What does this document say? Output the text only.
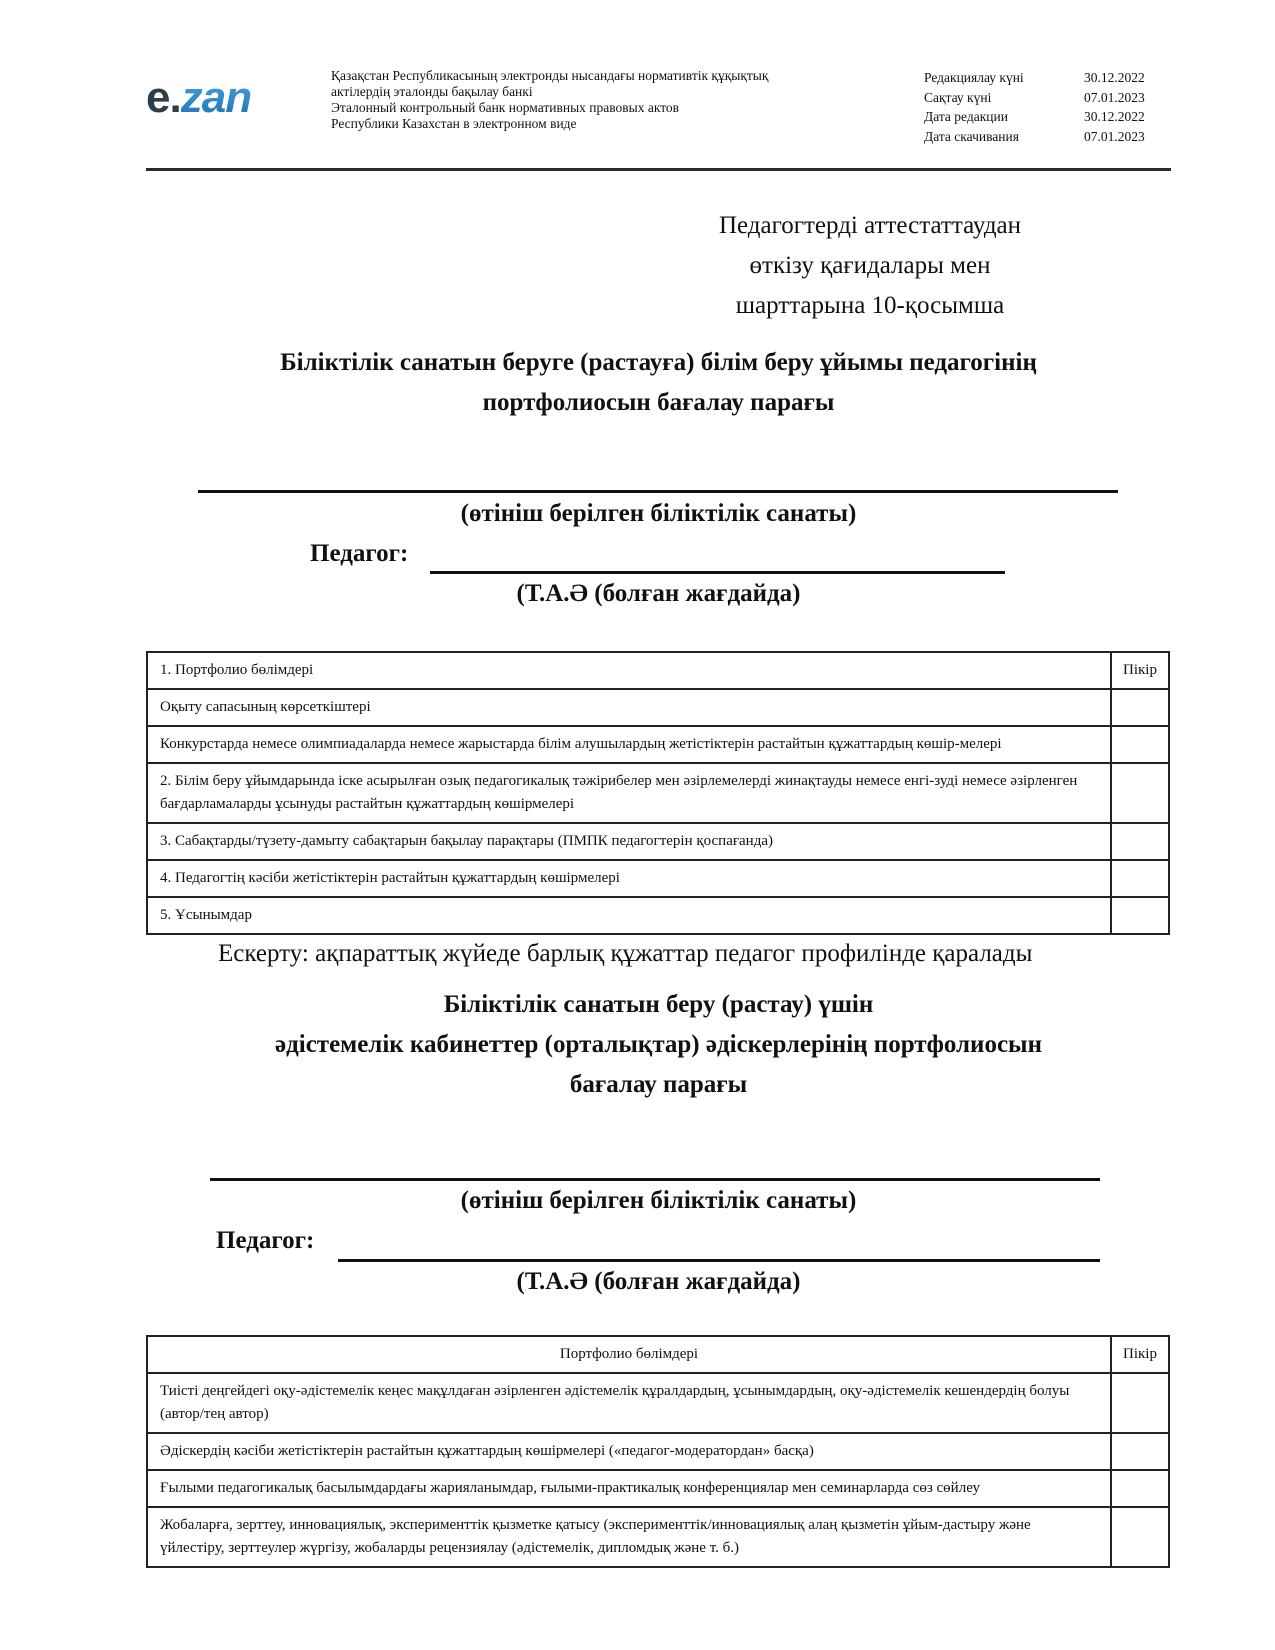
e.zan	Қазақстан Республикасының электронды нысандағы нормативтік құқықтық
актілердің эталонды бақылау банкі
Эталонный контрольный банк нормативных правовых актов
Республики Казахстан в электронном виде
Редакциялау күні	30.12.2022
Сақтау күні	07.01.2023
Дата редакции	30.12.2022
Дата скачивания	07.01.2023
Педагогтерді аттестаттаудан
өткізу қағидалары мен
шарттарына 10-қосымша
Біліктілік санатын беруге (растауға) білім беру ұйымы педагогінің
портфолиосын бағалау парағы
(өтініш берілген біліктілік санаты)
Педагог:
(Т.А.Ә (болған жағдайда)
1. Портфолио бөлімдері	Пікір
Оқыту сапасының көрсеткіштері	
Конкурстарда немесе олимпиадаларда немесе жарыстарда білім алушылардың жетістіктерін растайтын құжаттардың көшір-мелері	
2. Білім беру ұйымдарында іске асырылған озық педагогикалық тәжірибелер мен әзірлемелерді жинақтауды немесе енгі-зуді немесе әзірленген бағдарламаларды ұсынуды растайтын құжаттардың көшірмелері	
3. Сабақтарды/түзету-дамыту сабақтарын бақылау парақтары (ПМПК педагогтерін қоспағанда)	
4. Педагогтің кәсіби жетістіктерін растайтын құжаттардың көшірмелері	
5. Ұсынымдар	
Ескерту: ақпараттық жүйеде барлық құжаттар педагог профилінде қаралады
Біліктілік санатын беру (растау) үшін
әдістемелік кабинеттер (орталықтар) әдіскерлерінің портфолиосын
бағалау парағы
(өтініш берілген біліктілік санаты)
Педагог:
(Т.А.Ә (болған жағдайда)
Портфолио бөлімдері	Пікір
Тиісті деңгейдегі оқу-әдістемелік кеңес мақұлдаған әзірленген әдістемелік құралдардың, ұсынымдардың, оқу-әдістемелік кешендердің болуы (автор/тең автор)	
Әдіскердің кәсіби жетістіктерін растайтын құжаттардың көшірмелері («педагог-модератордан» басқа)	
Ғылыми педагогикалық басылымдардағы жарияланымдар, ғылыми-практикалық конференциялар мен семинарларда сөз сөйлеу	
Жобаларға, зерттеу, инновациялық, эксперименттік қызметке қатысу (эксперименттік/инновациялық алаң қызметін ұйым-дастыру және үйлестіру, зерттеулер жүргізу, жобаларды рецензиялау (әдістемелік, дипломдық және т. б.)	
